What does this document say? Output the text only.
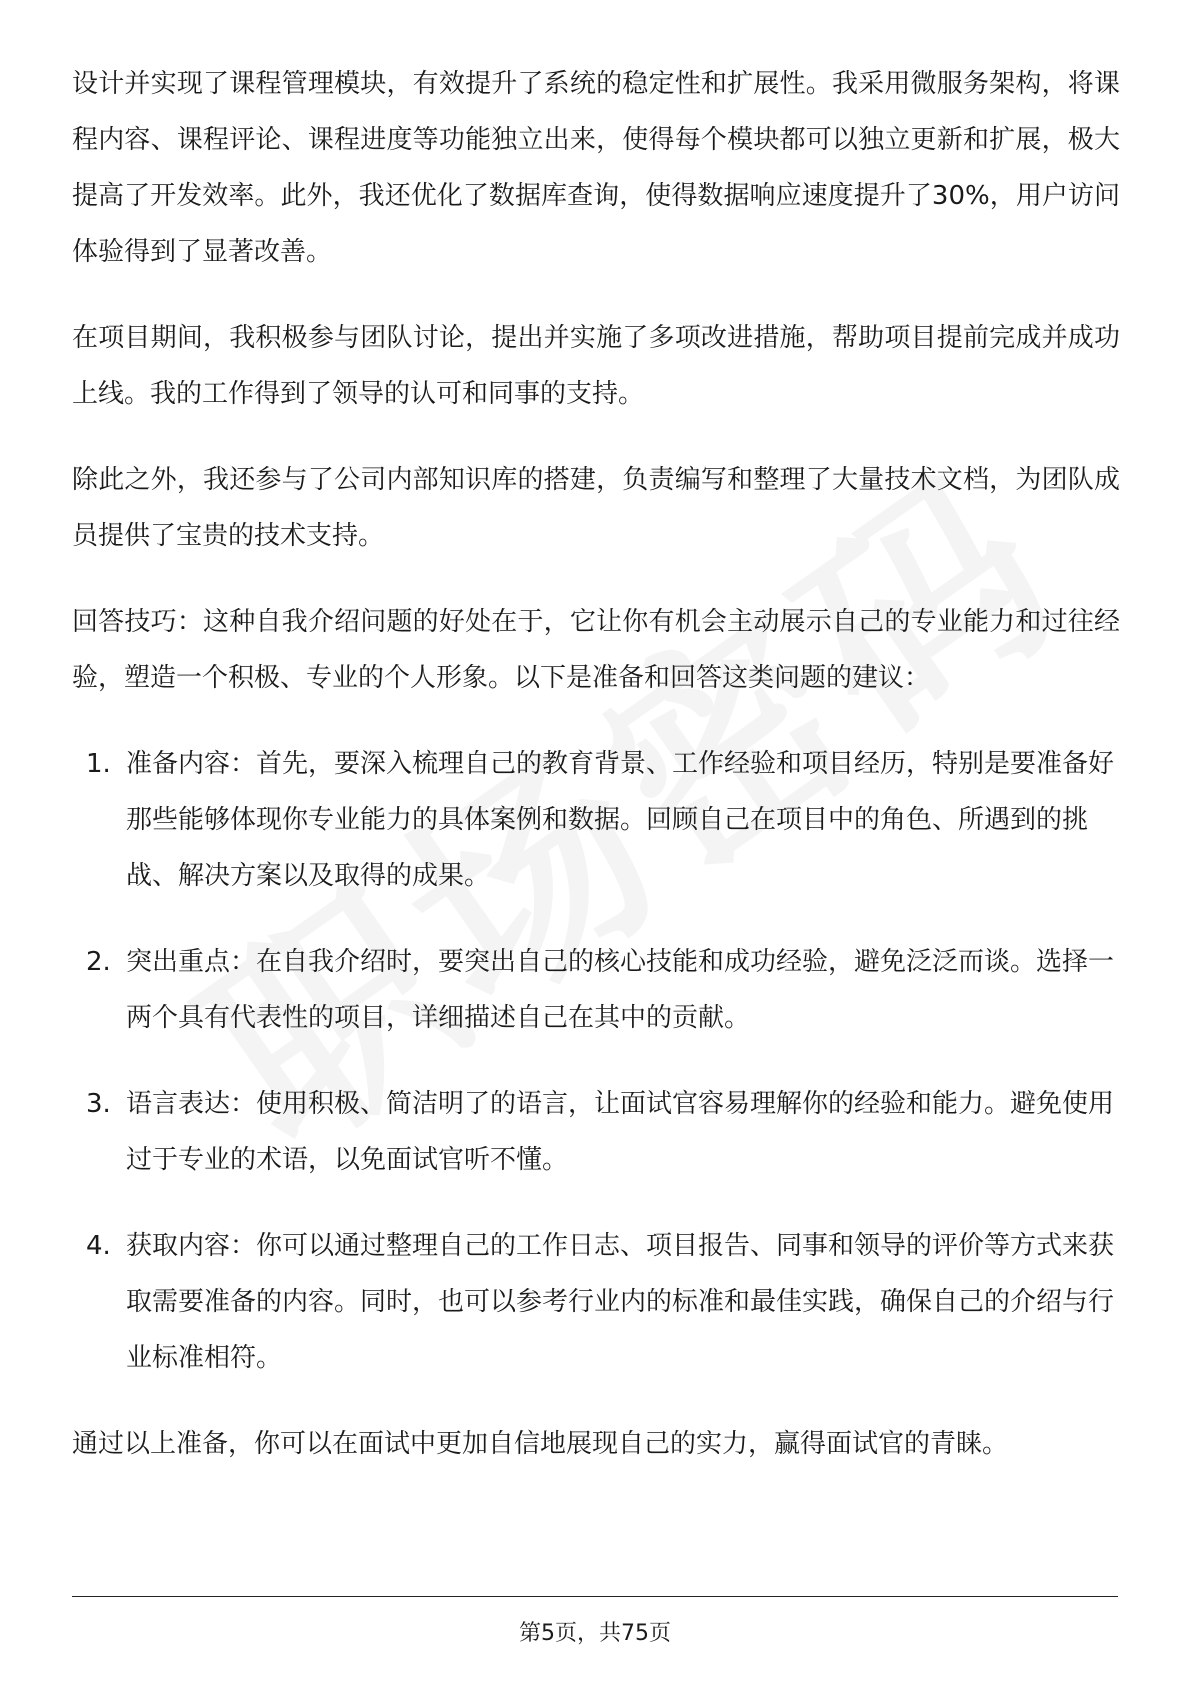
设计并实现了课程管理模块，有效提升了系统的稳定性和扩展性。我采用微服务架构，将课程内容、课程评论、课程进度等功能独立出来，使得每个模块都可以独立更新和扩展，极大提高了开发效率。此外，我还优化了数据库查询，使得数据响应速度提升了30%，用户访问体验得到了显著改善。

在项目期间，我积极参与团队讨论，提出并实施了多项改进措施，帮助项目提前完成并成功上线。我的工作得到了领导的认可和同事的支持。

除此之外，我还参与了公司内部知识库的搭建，负责编写和整理了大量技术文档，为团队成员提供了宝贵的技术支持。

回答技巧：这种自我介绍问题的好处在于，它让你有机会主动展示自己的专业能力和过往经验，塑造一个积极、专业的个人形象。以下是准备和回答这类问题的建议：

1. 准备内容：首先，要深入梳理自己的教育背景、工作经验和项目经历，特别是要准备好那些能够体现你专业能力的具体案例和数据。回顾自己在项目中的角色、所遇到的挑战、解决方案以及取得的成果。
2. 突出重点：在自我介绍时，要突出自己的核心技能和成功经验，避免泛泛而谈。选择一两个具有代表性的项目，详细描述自己在其中的贡献。
3. 语言表达：使用积极、简洁明了的语言，让面试官容易理解你的经验和能力。避免使用过于专业的术语，以免面试官听不懂。
4. 获取内容：你可以通过整理自己的工作日志、项目报告、同事和领导的评价等方式来获取需要准备的内容。同时，也可以参考行业内的标准和最佳实践，确保自己的介绍与行业标准相符。

通过以上准备，你可以在面试中更加自信地展现自己的实力，赢得面试官的青睐。

第5页，共75页
